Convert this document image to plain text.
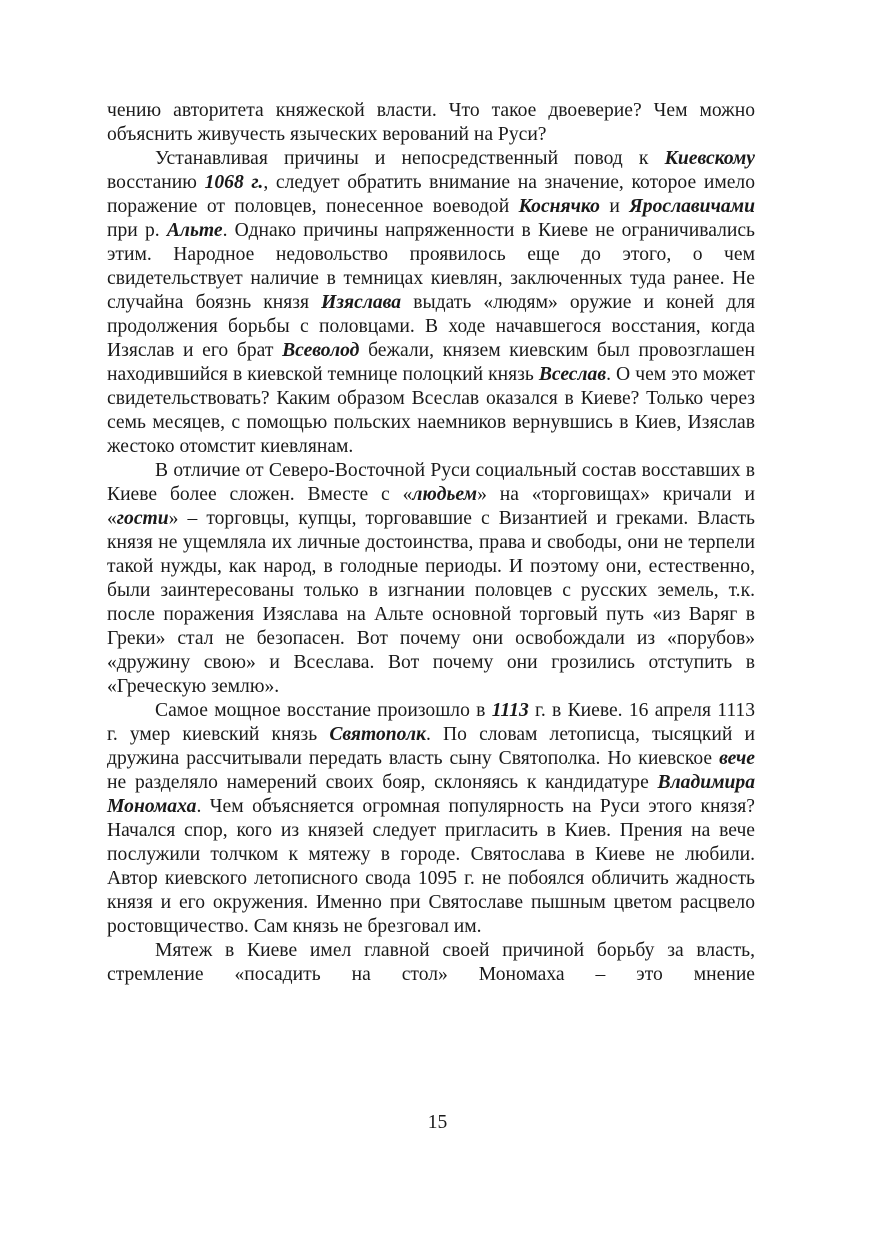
чению авторитета княжеской власти. Что такое двоеверие? Чем можно объяснить живучесть языческих верований на Руси?

Устанавливая причины и непосредственный повод к Киевскому восстанию 1068 г., следует обратить внимание на значение, которое имело поражение от половцев, понесенное воеводой Коснячко и Ярославичами при р. Альте. Однако причины напряженности в Киеве не ограничивались этим. Народное недовольство проявилось еще до этого, о чем свидетельствует наличие в темницах киевлян, заключенных туда ранее. Не случайна боязнь князя Изяслава выдать «людям» оружие и коней для продолжения борьбы с половцами. В ходе начавшегося восстания, когда Изяслав и его брат Всеволод бежали, князем киевским был провозглашен находившийся в киевской темнице полоцкий князь Всеслав. О чем это может свидетельствовать? Каким образом Всеслав оказался в Киеве? Только через семь месяцев, с помощью польских наемников вернувшись в Киев, Изяслав жестоко отомстит киевлянам.

В отличие от Северо-Восточной Руси социальный состав восставших в Киеве более сложен. Вместе с «людьем» на «торговищах» кричали и «гости» – торговцы, купцы, торговавшие с Византией и греками. Власть князя не ущемляла их личные достоинства, права и свободы, они не терпели такой нужды, как народ, в голодные периоды. И поэтому они, естественно, были заинтересованы только в изгнании половцев с русских земель, т.к. после поражения Изяслава на Альте основной торговый путь «из Варяг в Греки» стал не безопасен. Вот почему они освобождали из «порубов» «дружину свою» и Всеслава. Вот почему они грозились отступить в «Греческую землю».

Самое мощное восстание произошло в 1113 г. в Киеве. 16 апреля 1113 г. умер киевский князь Святополк. По словам летописца, тысяцкий и дружина рассчитывали передать власть сыну Святополка. Но киевское вече не разделяло намерений своих бояр, склоняясь к кандидатуре Владимира Мономаха. Чем объясняется огромная популярность на Руси этого князя? Начался спор, кого из князей следует пригласить в Киев. Прения на вече послужили толчком к мятежу в городе. Святослава в Киеве не любили. Автор киевского летописного свода 1095 г. не побоялся обличить жадность князя и его окружения. Именно при Святославе пышным цветом расцвело ростовщичество. Сам князь не брезговал им.

Мятеж в Киеве имел главной своей причиной борьбу за власть, стремление «посадить на стол» Мономаха – это мнение

15
